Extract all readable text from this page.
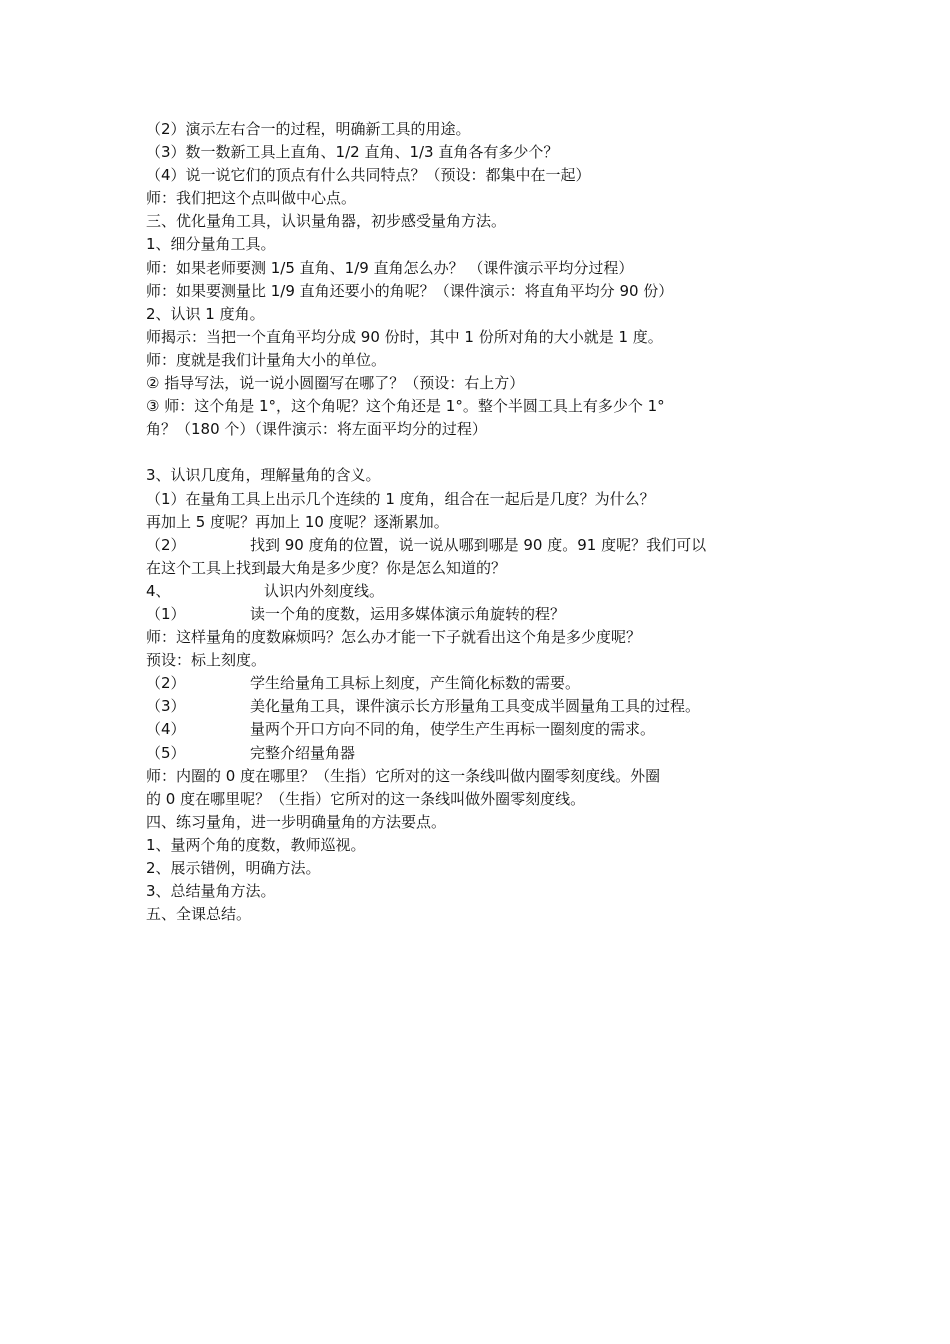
（2）演示左右合一的过程，明确新工具的用途。
（3）数一数新工具上直角、1/2 直角、1/3 直角各有多少个？
（4）说一说它们的顶点有什么共同特点？（预设：都集中在一起）
师：我们把这个点叫做中心点。
三、优化量角工具，认识量角器，初步感受量角方法。
1、细分量角工具。
师：如果老师要测 1/5 直角、1/9 直角怎么办？ （课件演示平均分过程）
师：如果要测量比 1/9 直角还要小的角呢？（课件演示：将直角平均分 90 份）
2、认识 1 度角。
师揭示：当把一个直角平均分成 90 份时，其中 1 份所对角的大小就是 1 度。
师：度就是我们计量角大小的单位。
② 指导写法，说一说小圆圈写在哪了？（预设：右上方）
③ 师：这个角是 1°，这个角呢？这个角还是 1°。整个半圆工具上有多少个 1°
角？（180 个）（课件演示：将左面平均分的过程）
3、认识几度角，理解量角的含义。
（1）在量角工具上出示几个连续的 1 度角，组合在一起后是几度？为什么？
再加上 5 度呢？再加上 10 度呢？逐渐累加。
（2）	找到 90 度角的位置，说一说从哪到哪是 90 度。91 度呢？我们可以
在这个工具上找到最大角是多少度？你是怎么知道的？
4、	认识内外刻度线。
（1）	读一个角的度数，运用多媒体演示角旋转的程？
师：这样量角的度数麻烦吗？怎么办才能一下子就看出这个角是多少度呢？
预设：标上刻度。
（2）	学生给量角工具标上刻度，产生简化标数的需要。
（3）	美化量角工具，课件演示长方形量角工具变成半圆量角工具的过程。
（4）	量两个开口方向不同的角，使学生产生再标一圈刻度的需求。
（5）	完整介绍量角器
师：内圈的 0 度在哪里？（生指）它所对的这一条线叫做内圈零刻度线。外圈
的 0 度在哪里呢？（生指）它所对的这一条线叫做外圈零刻度线。
四、练习量角，进一步明确量角的方法要点。
1、量两个角的度数，教师巡视。
2、展示错例，明确方法。
3、总结量角方法。
五、全课总结。
